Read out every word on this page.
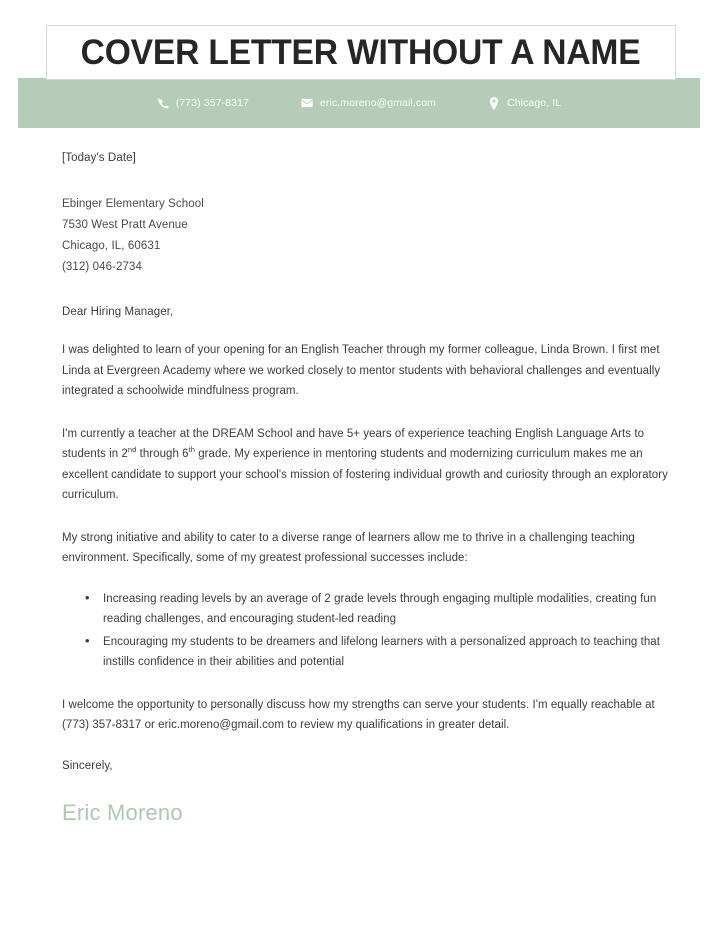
COVER LETTER WITHOUT A NAME
(773) 357-8317	eric.moreno@gmail.com	Chicago, IL
[Today's Date]
Ebinger Elementary School
7530 West Pratt Avenue
Chicago, IL, 60631
(312) 046-2734
Dear Hiring Manager,

I was delighted to learn of your opening for an English Teacher through my former colleague, Linda Brown. I first met Linda at Evergreen Academy where we worked closely to mentor students with behavioral challenges and eventually integrated a schoolwide mindfulness program.

I'm currently a teacher at the DREAM School and have 5+ years of experience teaching English Language Arts to students in 2nd through 6th grade. My experience in mentoring students and modernizing curriculum makes me an excellent candidate to support your school's mission of fostering individual growth and curiosity through an exploratory curriculum.

My strong initiative and ability to cater to a diverse range of learners allow me to thrive in a challenging teaching environment. Specifically, some of my greatest professional successes include:

• Increasing reading levels by an average of 2 grade levels through engaging multiple modalities, creating fun reading challenges, and encouraging student-led reading
• Encouraging my students to be dreamers and lifelong learners with a personalized approach to teaching that instills confidence in their abilities and potential

I welcome the opportunity to personally discuss how my strengths can serve your students. I'm equally reachable at (773) 357-8317 or eric.moreno@gmail.com to review my qualifications in greater detail.

Sincerely,
Eric Moreno
